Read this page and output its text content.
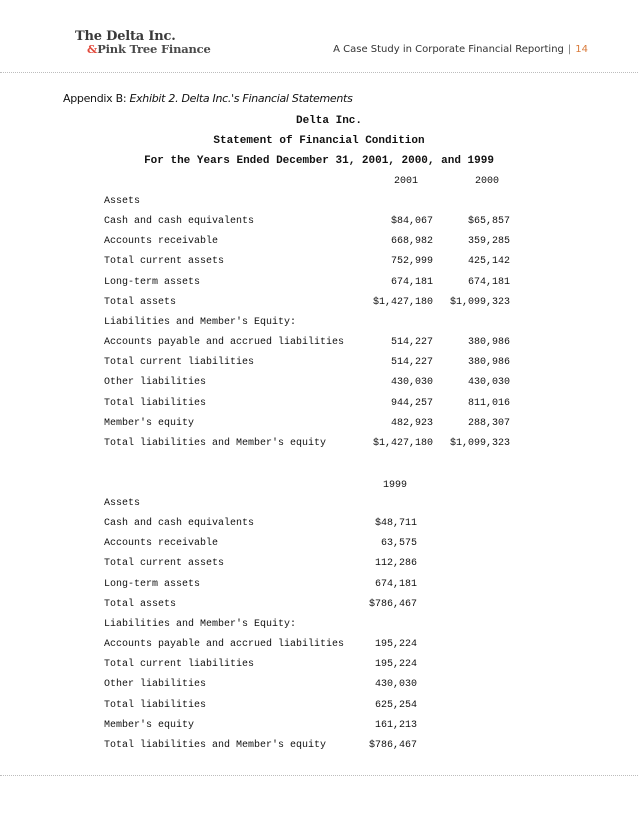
The Delta Inc.
&Pink Tree Finance	A Case Study in Corporate Financial Reporting | 14
Appendix B: Exhibit 2. Delta Inc.'s Financial Statements
Delta Inc.
Statement of Financial Condition
For the Years Ended December 31, 2001, 2000, and 1999
2001	2000
Assets
Cash and cash equivalents	$84,067	$65,857
Accounts receivable	668,982	359,285
Total current assets	752,999	425,142
Long-term assets	674,181	674,181
Total assets	$1,427,180 $1,099,323
Liabilities and Member's Equity:
Accounts payable and accrued liabilities	514,227	380,986
Total current liabilities	514,227	380,986
Other liabilities	430,030	430,030
Total liabilities	944,257	811,016
Member's equity	482,923	288,307
Total liabilities and Member's equity	$1,427,180 $1,099,323
1999
Assets
Cash and cash equivalents	$48,711
Accounts receivable	63,575
Total current assets	112,286
Long-term assets	674,181
Total assets	$786,467
Liabilities and Member's Equity:
Accounts payable and accrued liabilities	195,224
Total current liabilities	195,224
Other liabilities	430,030
Total liabilities	625,254
Member's equity	161,213
Total liabilities and Member's equity	$786,467
